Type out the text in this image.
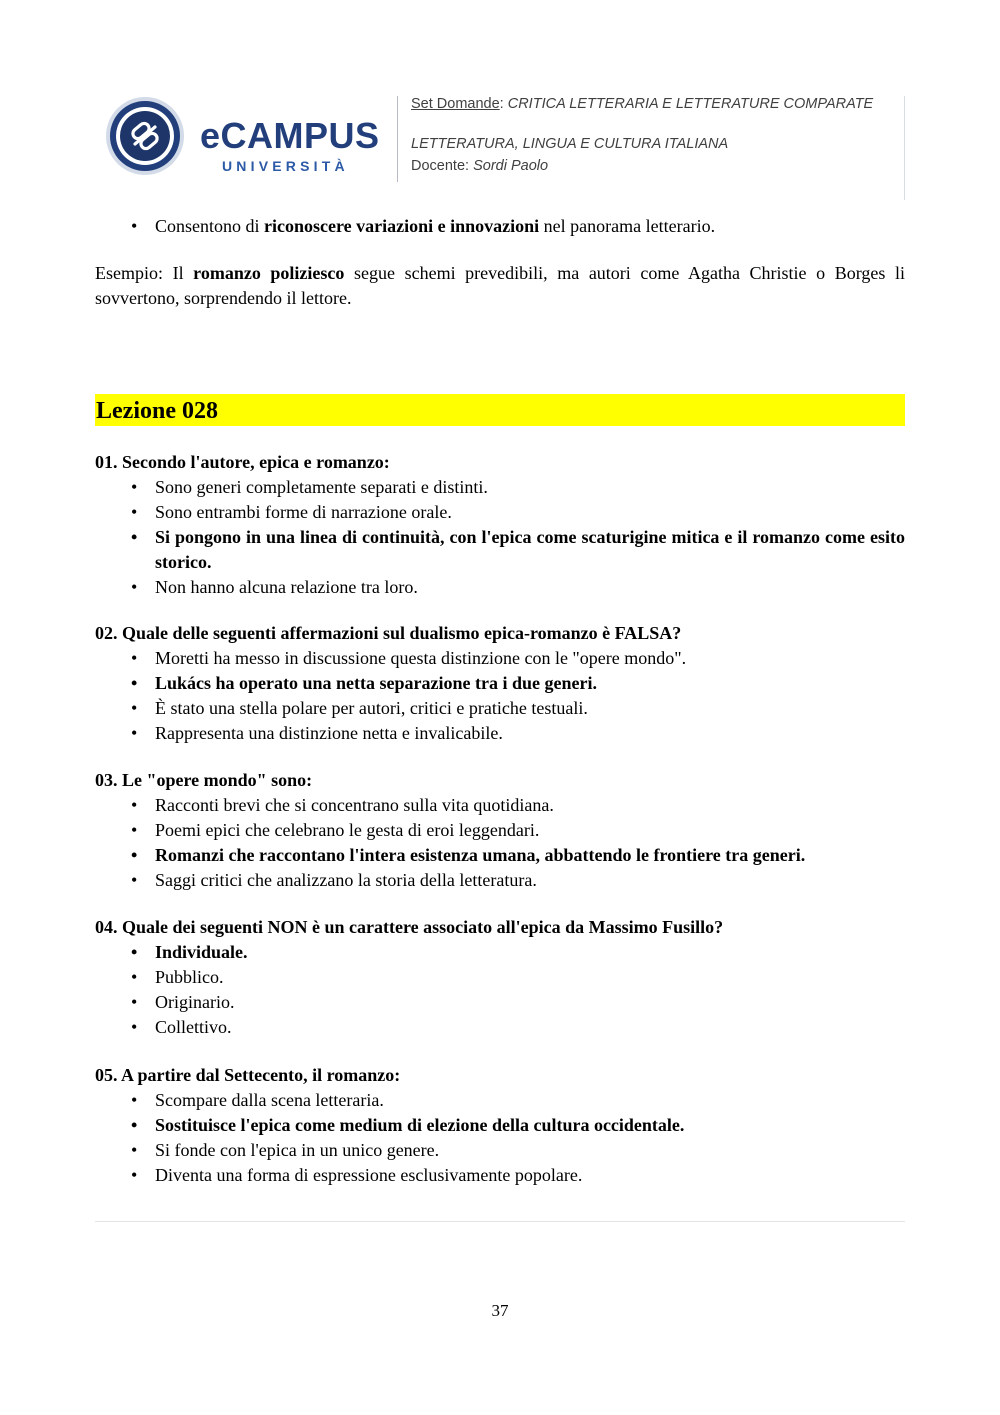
eCAMPUS
UNIVERSITÀ
Set Domande: CRITICA LETTERARIA E LETTERATURE COMPARATE
LETTERATURA, LINGUA E CULTURA ITALIANA
Docente: Sordi Paolo
• Consentono di riconoscere variazioni e innovazioni nel panorama letterario.
Esempio: Il romanzo poliziesco segue schemi prevedibili, ma autori come Agatha Christie o Borges li sovvertono, sorprendendo il lettore.
Lezione 028
01. Secondo l'autore, epica e romanzo:
• Sono generi completamente separati e distinti.
• Sono entrambi forme di narrazione orale.
• Si pongono in una linea di continuità, con l'epica come scaturigine mitica e il romanzo come esito storico.
• Non hanno alcuna relazione tra loro.
02. Quale delle seguenti affermazioni sul dualismo epica-romanzo è FALSA?
• Moretti ha messo in discussione questa distinzione con le "opere mondo".
• Lukács ha operato una netta separazione tra i due generi.
• È stato una stella polare per autori, critici e pratiche testuali.
• Rappresenta una distinzione netta e invalicabile.
03. Le "opere mondo" sono:
• Racconti brevi che si concentrano sulla vita quotidiana.
• Poemi epici che celebrano le gesta di eroi leggendari.
• Romanzi che raccontano l'intera esistenza umana, abbattendo le frontiere tra generi.
• Saggi critici che analizzano la storia della letteratura.
04. Quale dei seguenti NON è un carattere associato all'epica da Massimo Fusillo?
• Individuale.
• Pubblico.
• Originario.
• Collettivo.
05. A partire dal Settecento, il romanzo:
• Scompare dalla scena letteraria.
• Sostituisce l'epica come medium di elezione della cultura occidentale.
• Si fonde con l'epica in un unico genere.
• Diventa una forma di espressione esclusivamente popolare.
37
